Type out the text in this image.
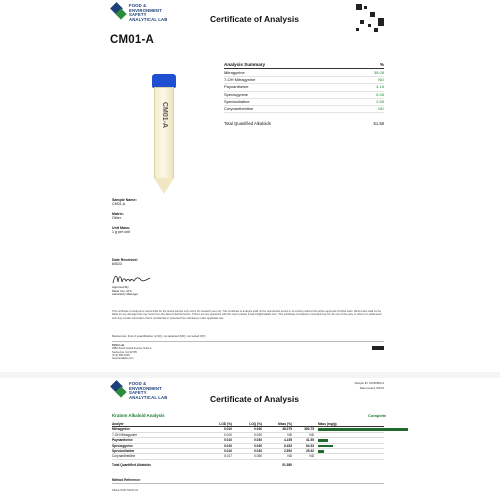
FOOD &
ENVIRONMENT
SAFETY
ANALYTICAL LAB	Certificate of Analysis
CM01-A
Analysis Summary	%
Mitragynine	38.08
7-OH Mitragynine	ND
Paynantheine	4.16
Speciogynine	6.45
Speciociliatine	2.59
Corynantheidine	ND
Total Quantified Alkaloids	51.58
Sample Name:
CM01-A
Matrix:
Other
Unit Mass:
1 g per unit
Date Received:
6/5/23
Approved By:
Marie Yoo, M.S.
Laboratory Manager
This certificate of analysis is responsible for the tested sample only and is for research use only. This certificate of analysis shall not be reproduced except in its entirety without the written approval of FESA Labs. FESA Labs shall not be liable for any damage that may result from the data contained herein. If there are any questions with this report please email info@fesalabs.com. This certificate of analysis is intended only for the use of the party to whom it is addressed and may contain information that is confidential or protected from disclosure under applicable law.
References: limit of quantification (LOQ), not detected (ND), not tested (NT)
FESA Lab
2882 South Grand Avenue Suite A
Santa Ana, CA 92705
(714) 386-2315
www.fesalabs.com
FOOD &
ENVIRONMENT
SAFETY
ANALYTICAL LAB	Certificate of Analysis
Sample ID: 61350800-2
Date Issued: 6/6/23
Kratom Alkaloid Analysis	Complete
Analyte	LOD (%)	LOQ (%)	Mass (%)	Mass (mg/g)
Mitragynine	0.010	0.030	38.075	380.75
7-OH Mitragynine	0.010	0.030	ND	ND
Paynantheine	0.010	0.030	4.155	41.55
Speciogynine	0.010	0.030	6.453	64.53
Speciociliatine	0.010	0.030	2.592	25.92
Corynantheidine	0.017	0.050	ND	ND
Total Quantified Alkaloids	51.580
Method Reference:
FESA-SOP-KRAT-01
